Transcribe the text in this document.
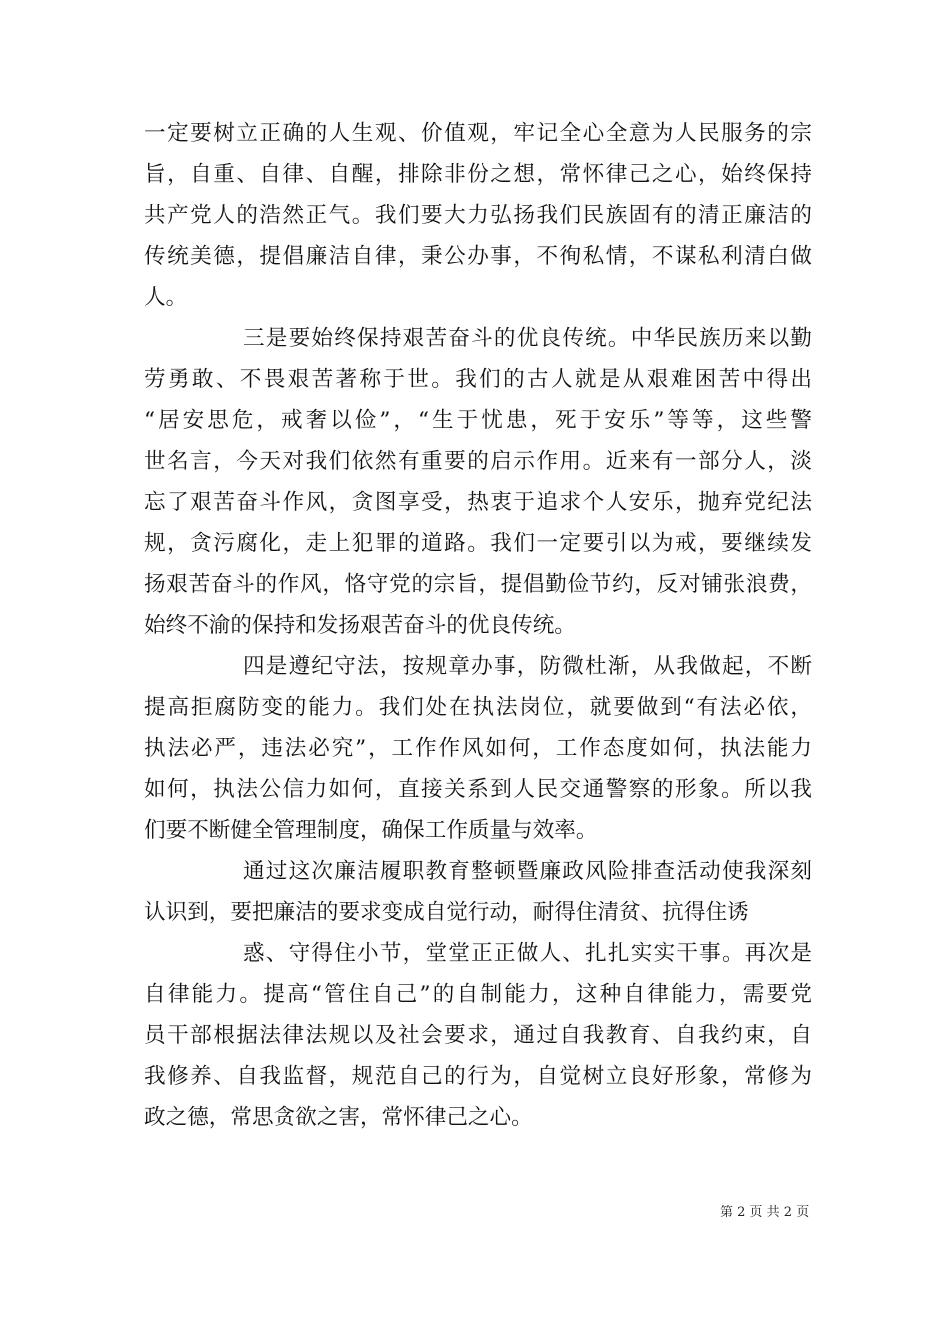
一定要树立正确的人生观、价值观，牢记全心全意为人民服务的宗
旨，自重、自律、自醒，排除非份之想，常怀律己之心，始终保持
共产党人的浩然正气。我们要大力弘扬我们民族固有的清正廉洁的
传统美德，提倡廉洁自律，秉公办事，不徇私情，不谋私利清白做
人。
三是要始终保持艰苦奋斗的优良传统。中华民族历来以勤
劳勇敢、不畏艰苦著称于世。我们的古人就是从艰难困苦中得出
“居安思危，戒奢以俭”，“生于忧患，死于安乐”等等，这些警
世名言，今天对我们依然有重要的启示作用。近来有一部分人，淡
忘了艰苦奋斗作风，贪图享受，热衷于追求个人安乐，抛弃党纪法
规，贪污腐化，走上犯罪的道路。我们一定要引以为戒，要继续发
扬艰苦奋斗的作风，恪守党的宗旨，提倡勤俭节约，反对铺张浪费，
始终不渝的保持和发扬艰苦奋斗的优良传统。
四是遵纪守法，按规章办事，防微杜渐，从我做起，不断
提高拒腐防变的能力。我们处在执法岗位，就要做到“有法必依，
执法必严，违法必究”，工作作风如何，工作态度如何，执法能力
如何，执法公信力如何，直接关系到人民交通警察的形象。所以我
们要不断健全管理制度，确保工作质量与效率。
通过这次廉洁履职教育整顿暨廉政风险排查活动使我深刻
认识到，要把廉洁的要求变成自觉行动，耐得住清贫、抗得住诱
惑、守得住小节，堂堂正正做人、扎扎实实干事。再次是
自律能力。提高“管住自己”的自制能力，这种自律能力，需要党
员干部根据法律法规以及社会要求，通过自我教育、自我约束，自
我修养、自我监督，规范自己的行为，自觉树立良好形象，常修为
政之德，常思贪欲之害，常怀律己之心。
第 2 页 共 2 页
